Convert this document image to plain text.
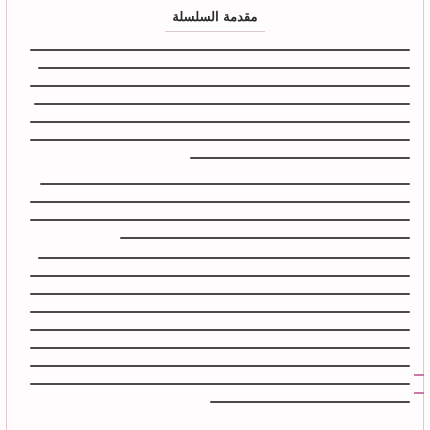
مقدمة السلسلة
